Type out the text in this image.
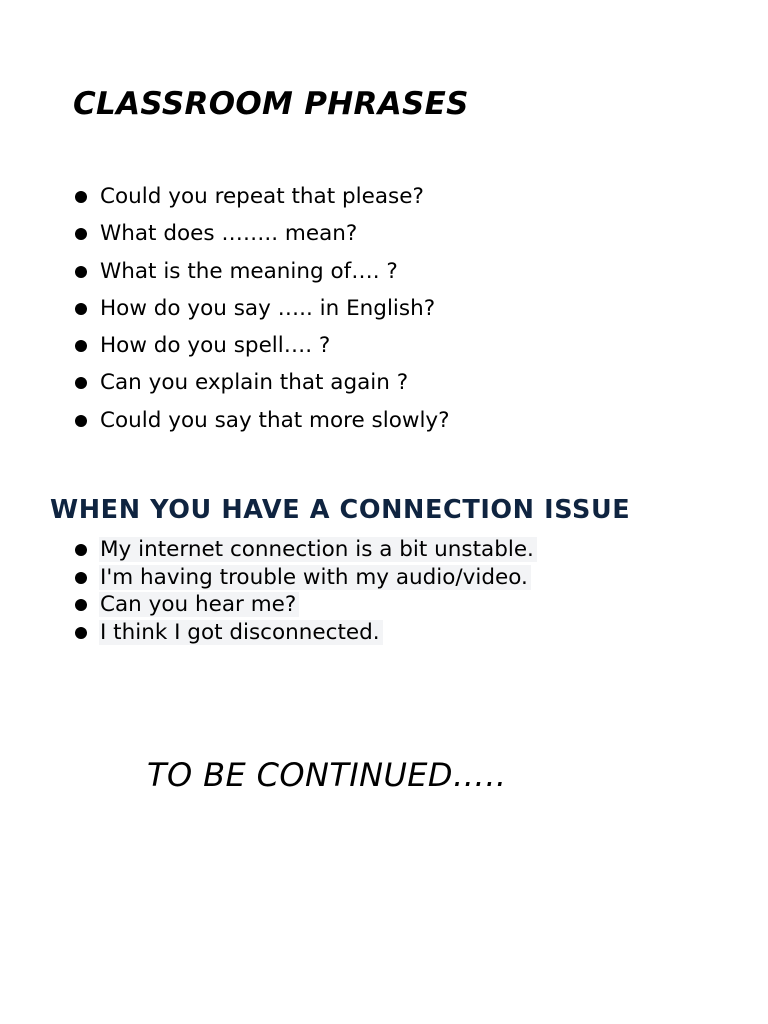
CLASSROOM PHRASES
Could you repeat that please?
What does …….. mean?
What is the meaning of…. ?
How do you say ….. in English?
How do you spell…. ?
Can you explain that again ?
Could you say that more slowly?
WHEN YOU HAVE A CONNECTION ISSUE
My internet connection is a bit unstable.
I'm having trouble with my audio/video.
Can you hear me?
I think I got disconnected.

TO BE CONTINUED…..
